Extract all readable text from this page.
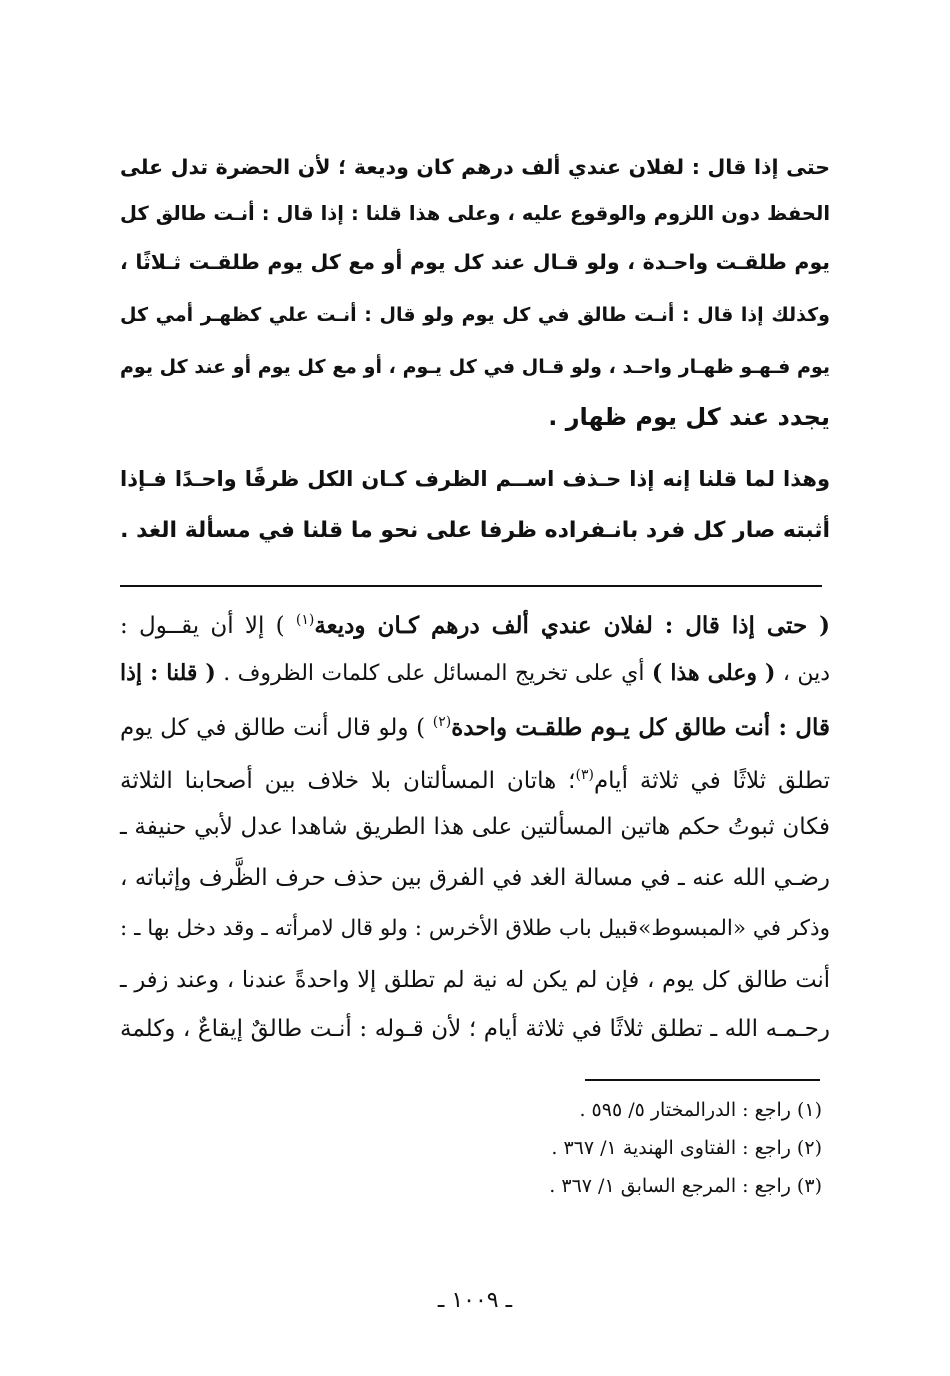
حتى إذا قال : لفلان عندي ألف درهم كان وديعة ؛ لأن الحضرة تدل على
الحفظ دون اللزوم والوقوع عليه ، وعلى هذا قلنا : إذا قال : أنـت طالق كل
يوم طلقـت واحـدة ، ولو قـال عند كل يوم أو مع كل يوم طلقـت ثـلاثًا ،
وكذلك إذا قال : أنـت طالق في كل يوم ولو قال : أنـت علي كظهـر أمي كل
يوم فـهـو ظهـار واحـد ، ولو قـال في كل يـوم ، أو مع كل يوم أو عند كل يوم
يجدد عند كل يوم ظهار .
وهذا لما قلنا إنه إذا حـذف اســم الظرف كـان الكل ظرفًا واحـدًا فـإذا
أثبته صار كل فرد بانـفراده ظرفا على نحو ما قلنا في مسألة الغد .
( حتى إذا قال : لفلان عندي ألف درهم كـان وديعة$^{(١)}$ ) إلا أن يقــول :
دين ، ( وعلى هذا ) أي على تخريج المسائل على كلمات الظروف . ( قلنا : إذا
قال : أنت طالق كل يـوم طلقـت واحدة$^{(٢)}$ ) ولو قال أنت طالق في كل يوم
تطلق ثلاثًا في ثلاثة أيام$^{(٣)}$؛ هاتان المسألتان بلا خلاف بين أصحابنا الثلاثة
فكان ثبوتُ حكم هاتين المسألتين على هذا الطريق شاهدا عدل لأبي حنيفة ـ
رضـي الله عنه ـ في مسالة الغد في الفرق بين حذف حرف الظَّرف وإثباته ،
وذكر في «المبسوط»قبيل باب طلاق الأخرس : ولو قال لامرأته ـ وقد دخل بها ـ :
أنت طالق كل يوم ، فإن لم يكن له نية لم تطلق إلا واحدةً عندنا ، وعند زفر ـ
رحـمـه الله ـ تطلق ثلاثًا في ثلاثة أيام ؛ لأن قـوله : أنـت طالقٌ إيقاعٌ ، وكلمة
(١) راجع : الدرالمختار ٥/ ٥٩٥ .
(٢) راجع : الفتاوى الهندية ١/ ٣٦٧ .
(٣) راجع : المرجع السابق ١/ ٣٦٧ .
ـ ١٠٠٩ ـ
